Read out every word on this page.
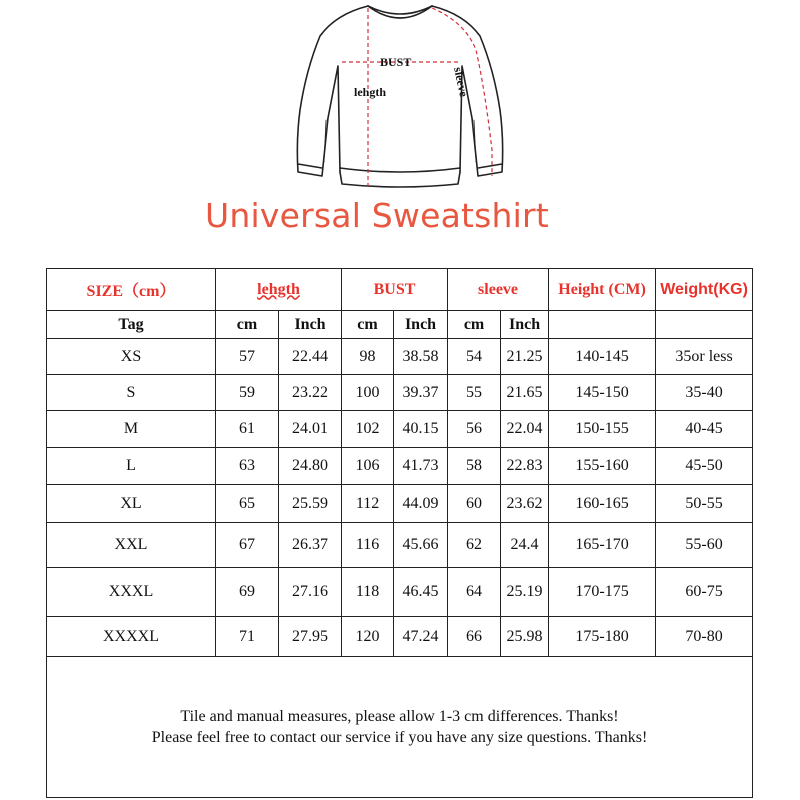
BUST
lehgth	sleeve
Universal Sweatshirt
SIZE（cm）	lehgth		BUST		sleeve		Height (CM)	Weight(KG)
Tag	cm	Inch	cm	Inch	cm	Inch		
XS	57	22.44	98	38.58	54	21.25	140-145	35or less
S	59	23.22	100	39.37	55	21.65	145-150	35-40
M	61	24.01	102	40.15	56	22.04	150-155	40-45
L	63	24.80	106	41.73	58	22.83	155-160	45-50
XL	65	25.59	112	44.09	60	23.62	160-165	50-55
XXL	67	26.37	116	45.66	62	24.4	165-170	55-60
XXXL	69	27.16	118	46.45	64	25.19	170-175	60-75
XXXXL	71	27.95	120	47.24	66	25.98	175-180	70-80

Tile and manual measures, please allow 1-3 cm differences. Thanks!
Please feel free to contact our service if you have any size questions. Thanks!								
